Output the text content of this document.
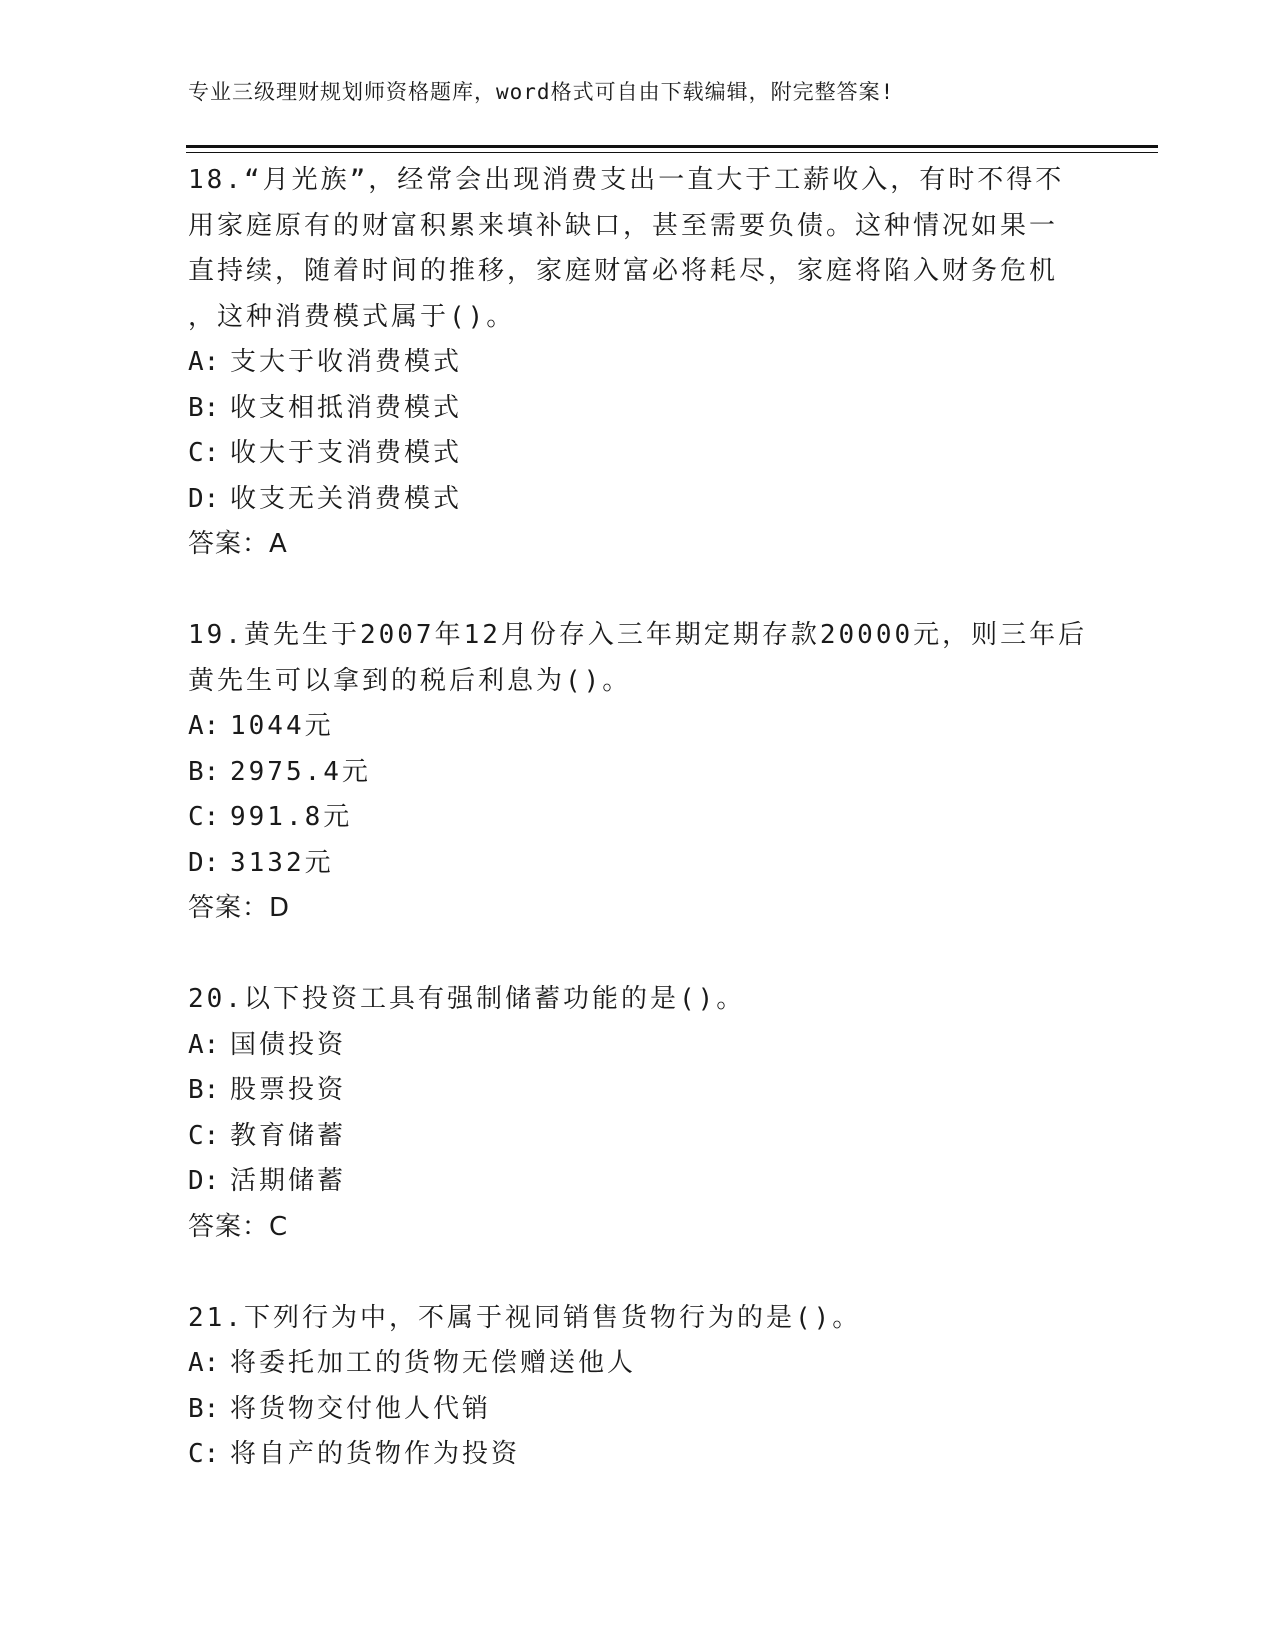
专业三级理财规划师资格题库，word格式可自由下载编辑，附完整答案!
18.“月光族”，经常会出现消费支出一直大于工薪收入，有时不得不
用家庭原有的财富积累来填补缺口，甚至需要负债。这种情况如果一
直持续，随着时间的推移，家庭财富必将耗尽，家庭将陷入财务危机
，这种消费模式属于()。
A: 支大于收消费模式
B: 收支相抵消费模式
C: 收大于支消费模式
D: 收支无关消费模式
答案：A
19.黄先生于2007年12月份存入三年期定期存款20000元，则三年后
黄先生可以拿到的税后利息为()。
A: 1044元
B: 2975.4元
C: 991.8元
D: 3132元
答案：D
20.以下投资工具有强制储蓄功能的是()。
A: 国债投资
B: 股票投资
C: 教育储蓄
D: 活期储蓄
答案：C
21.下列行为中，不属于视同销售货物行为的是()。
A: 将委托加工的货物无偿赠送他人
B: 将货物交付他人代销
C: 将自产的货物作为投资
